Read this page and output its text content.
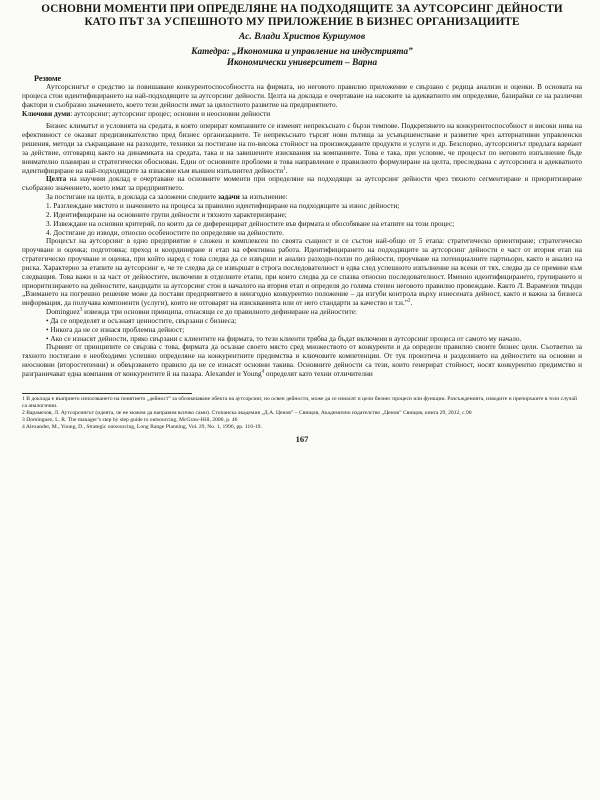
ОСНОВНИ МОМЕНТИ ПРИ ОПРЕДЕЛЯНЕ НА ПОДХОДЯЩИТЕ ЗА АУТСОРСИНГ ДЕЙНОСТИ
КАТО ПЪТ ЗА УСПЕШНОТО МУ ПРИЛОЖЕНИЕ В БИЗНЕС ОРГАНИЗАЦИИТЕ
Ас. Влади Христов Куршумов
Катедра: „Икономика и управление на индустрията”
Икономически университет – Варна
Резюме

Аутсорсингът е средство за повишаване конкурентоспособността на фирмата, но неговото правилно приложение е свързано с редица анализи и оценки. В основата на процеса стои идентифицирането на най-подходящите за аутсорсинг дейности. Целта на доклада е очертаване на насоките за адекватното им определяне, базирайки се на различни фактори и съобразно значението, което тези дейности имат за цялостното развитие на предприятието.

Ключови думи: аутсорсинг; аутсорсинг процес; основни и неосновни дейности

Бизнес климатът и условията на средата, в която оперират компаниите се изменят непрекъснато с бързи темпове. Подкрепянето на конкурентоспособност и високи нива на ефективност се оказват предизвикателство пред бизнес организациите. Те непрекъснато търсят нови пътища за усъвършенстване и развитие чрез алтернативни управленски решения, методи за съкращаване на разходите, техники за постигане на по-висока стойност на произвежданите продукти и услуги и др. Безспорно, аутсорсингът предлага вариант за действие, отговарящ както на динамиката на средата, така и на завишените изисквания на компаниите. Това е така, при условие, че процесът по неговото изпълнение бъде внимателно планиран и стратегически обоснован. Един от основните проблеми в това направление е правилното формулиране на целта, преследвана с аутсорсинга и адекватното идентифициране на най-подходящите за изнасяне към външен изпълнител дейности$^1$.

Целта на научния доклад е очертаване на основните моменти при определяне на подходящи за аутсорсинг дейности чрез тяхното сегментиране и приоритизиране съобразно значението, което имат за предприятието.

За постигане на целта, в доклада са заложени следните задачи за изпълнение:

1. Разглеждане мястото и значението на процеса за правилно идентифициране на подходящите за износ дейности;

2. Идентифициране на основните групи дейности и тяхното характеризиране;

3. Извеждане на основни критерий, по които да се диференцират дейностите във фирмата и обособяване на етапите на този процес;

4. Достигане до изводи, относно особеностите по определяне на дейностите.

Процесът на аутсорсинг в едно предприятие е сложен и комплексен по своята същност и се състои най-общо от 5 етапа: стратегическо ориентиране; стратегическо проучване и оценка; подготовка; преход и координиране и етап на ефективна работа. Идентифицирането на подходящите за аутсорсинг дейности е част от втория етап на стратегическо проучване и оценка, при който наред с това следва да се извърши и анализ разходи-ползи по дейности, проучване на потенциалните партньори, както и анализ на риска. Характерно за етапите на аутсорсинг е, че те следва да се извършат в строга последователност и едва след успешното изпълнение на всеки от тях, следва да се премине към следващия. Това важи и за част от дейностите, включени в отделните етапи, при които следва да се спазва относно последователност. Именно идентифицирането, групирането и приоритизирането на дейностите, кандидати за аутсорсинг стои в началото на втория етап и определя до голяма степен неговото правилно провеждане. Както Л. Варамезов твърди „Взимането на погрешно решение може да постави предприятието в неизгодно конкурентно положение – да изгуби контрола върху изнесената дейност, както и важна за бизнеса информация, да получава компоненти (услуги), които не отговарят на изискванията или от него стандарти за качество и т.н.”$^2$.

Dominguez$^3$ извежда три основни принципа, отнасящи се до правилното дефиниране на дейностите:

• Да се определят и осъзнаят ценностите, свързани с бизнеса;

• Никога да не се изнася проблемна дейност;

• Ако се изнасят дейности, пряко свързани с клиентите на фирмата, то тези клиенти трябва да бъдат включени в аутсорсинг процеса от самото му начало.

Първият от принципите се свързва с това, фирмата да осъзнае своето място сред множеството от конкуренти и да определи правилно своите бизнес цели. Съответно за тяхното постигане е необходимо успешно определяне на конкурентните предимства и ключовите компетенции. От тук произтича и разделянето на дейностите на основни и неосновни (второстепенни) и обвързването правило да не се изнасят основни такива. Основните дейности са тези, които генерират стойност, носят конкурентно предимство и разграничават една компания от конкурентите й на пазара. Alexander и Young$^4$ определят като техни отличителни

1 В доклада е възприето използването на понятието „дейност” за обозначаване обекта на аутсорсинг, но освен дейности, може да се изнасят и цели бизнес процеси или функции. Разсъжденията, изводите и препоръките в този случай са аналогични.

2 Варамезов, Л. Аутсорсингът (идеята, че не можем да направим всичко сами). Стопанска академия „Д.А. Ценов” – Свищов, Академично издателство „Ценов” Свищов, книга 29, 2012, с.90

3 Dominguez, L. R. The manager’s step by step guide to outsourcing, McGraw-Hill, 2006, p. 46

4 Alexander, M., Young, D., Strategic outsourcing, Long Range Planning, Vol. 29, No. 1, 1996, pp. 116-19.

167
